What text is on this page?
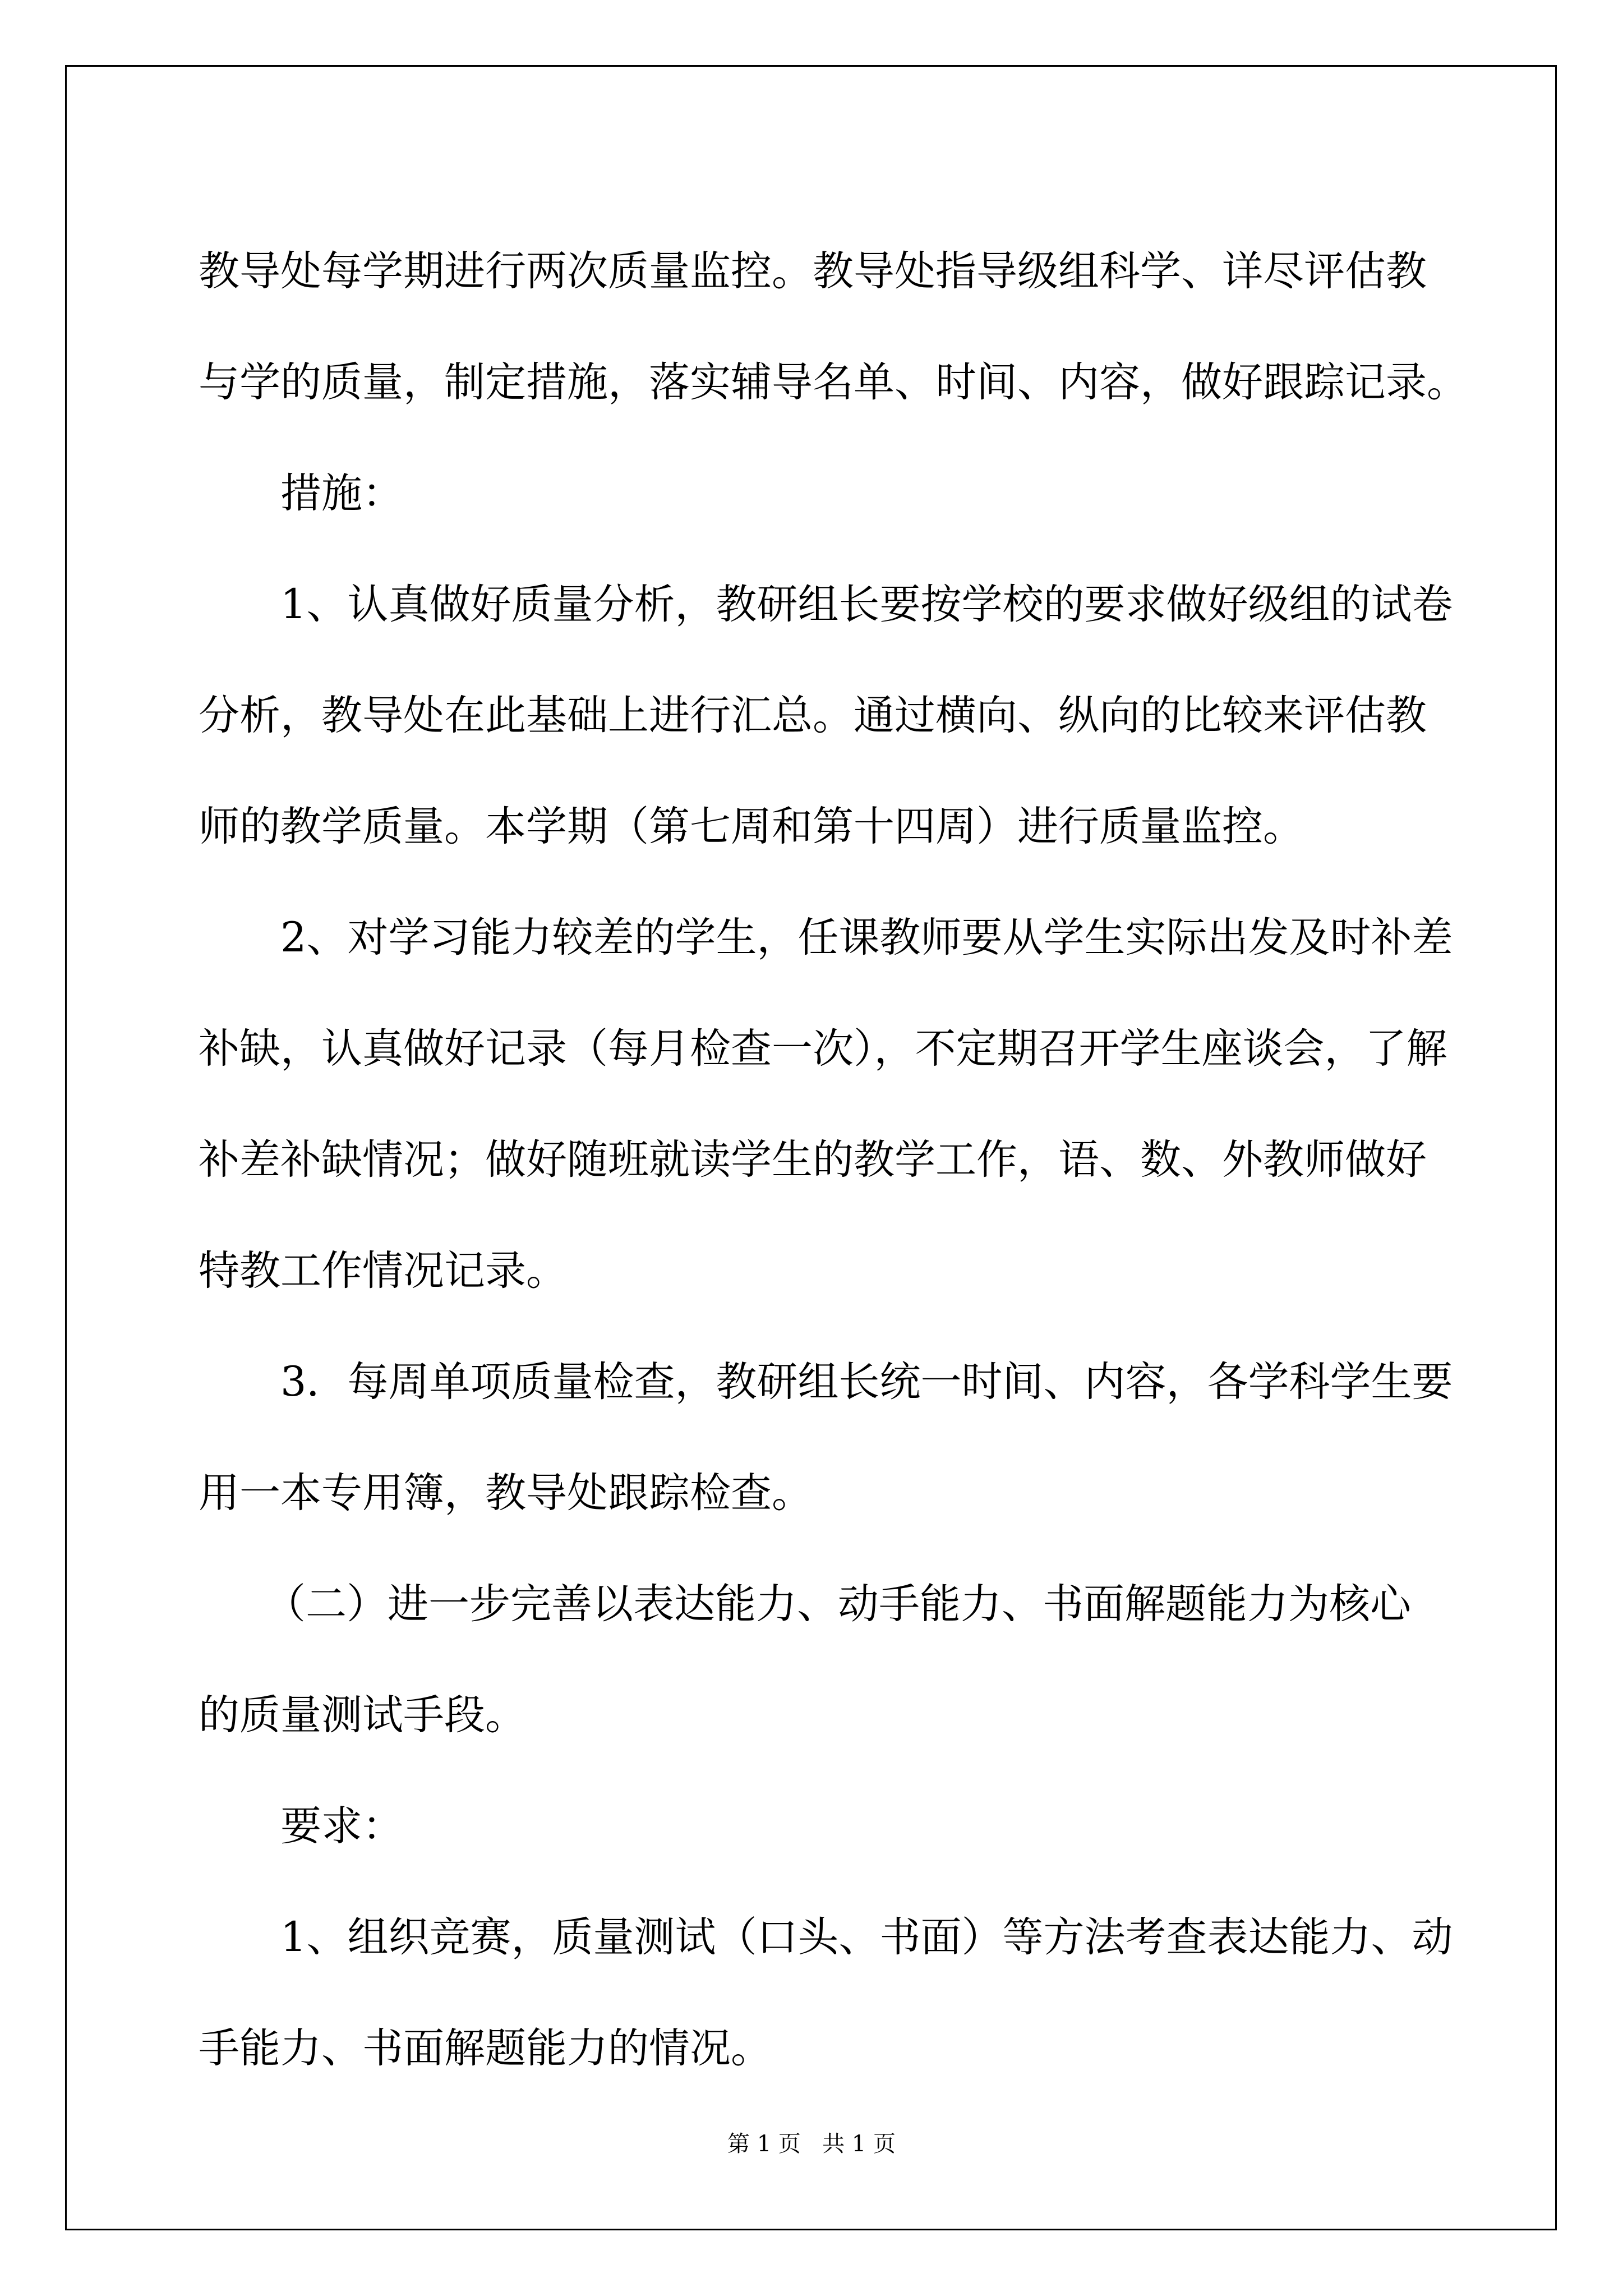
教导处每学期进行两次质量监控。教导处指导级组科学、详尽评估教
与学的质量，制定措施，落实辅导名单、时间、内容，做好跟踪记录。
措施：
1、认真做好质量分析，教研组长要按学校的要求做好级组的试卷
分析，教导处在此基础上进行汇总。通过横向、纵向的比较来评估教
师的教学质量。本学期（第七周和第十四周）进行质量监控。
2、对学习能力较差的学生，任课教师要从学生实际出发及时补差
补缺，认真做好记录（每月检查一次），不定期召开学生座谈会，了解
补差补缺情况；做好随班就读学生的教学工作，语、数、外教师做好
特教工作情况记录。
3．每周单项质量检查，教研组长统一时间、内容，各学科学生要
用一本专用簿，教导处跟踪检查。
（二）进一步完善以表达能力、动手能力、书面解题能力为核心
的质量测试手段。
要求：
1、组织竞赛，质量测试（口头、书面）等方法考查表达能力、动
手能力、书面解题能力的情况。
第 1 页 共 1 页
